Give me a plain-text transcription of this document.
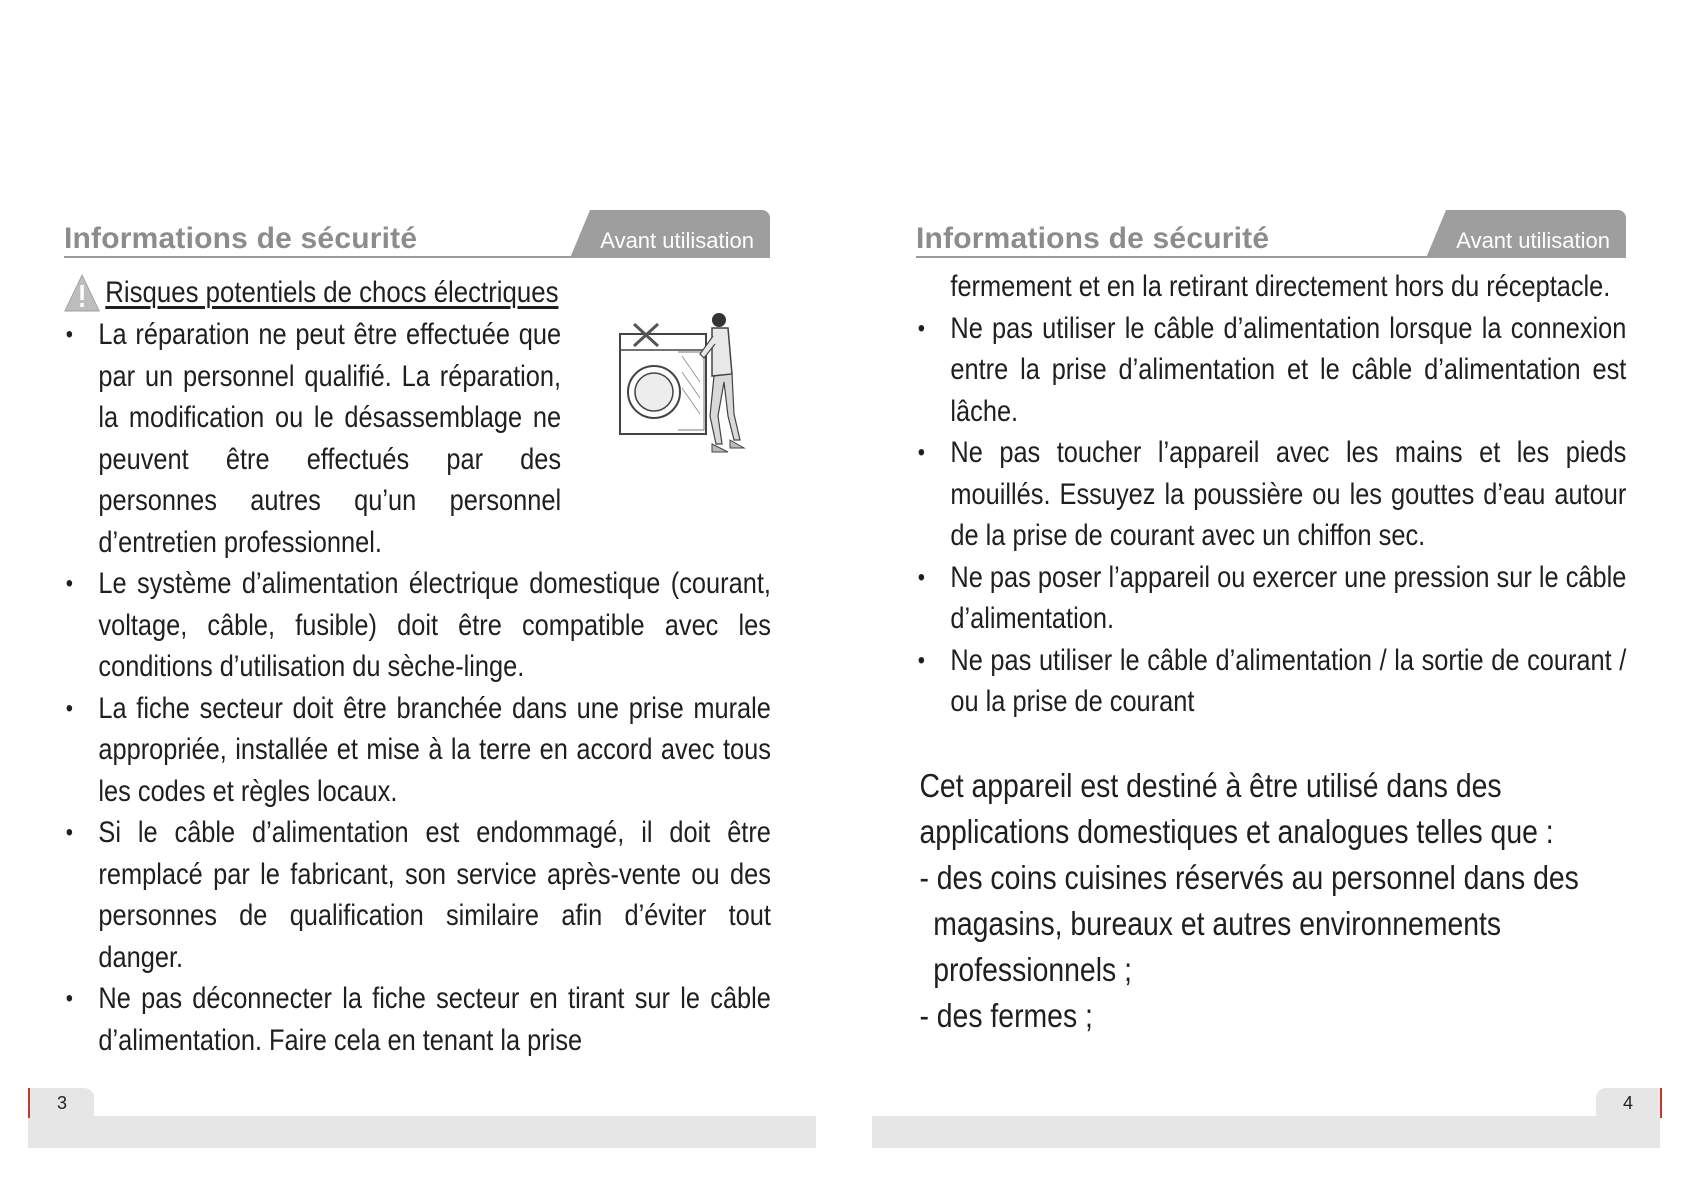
Informations de sécurité	Avant utilisation
Risques potentiels de chocs électriques
• La réparation ne peut être effectuée que par un personnel qualifié. La réparation, la modification ou le désassemblage ne peuvent être effectués par des personnes autres qu’un personnel d’entretien professionnel.
• Le système d’alimentation électrique domestique (courant, voltage, câble, fusible) doit être compatible avec les conditions d’utilisation du sèche-linge.
• La fiche secteur doit être branchée dans une prise murale appropriée, installée et mise à la terre en accord avec tous les codes et règles locaux.
• Si le câble d’alimentation est endommagé, il doit être remplacé par le fabricant, son service après-vente ou des personnes de qualification similaire afin d’éviter tout danger.
• Ne pas déconnecter la fiche secteur en tirant sur le câble d’alimentation. Faire cela en tenant la prise
3
Informations de sécurité	Avant utilisation
fermement et en la retirant directement hors du réceptacle.
• Ne pas utiliser le câble d’alimentation lorsque la connexion entre la prise d’alimentation et le câble d’alimentation est lâche.
• Ne pas toucher l’appareil avec les mains et les pieds mouillés. Essuyez la poussière ou les gouttes d’eau autour de la prise de courant avec un chiffon sec.
• Ne pas poser l’appareil ou exercer une pression sur le câble d’alimentation.
• Ne pas utiliser le câble d’alimentation / la sortie de courant / ou la prise de courant

Cet appareil est destiné à être utilisé dans des applications domestiques et analogues telles que :

- des coins cuisines réservés au personnel dans des magasins, bureaux et autres environnements professionnels ;
- des fermes ;
4
